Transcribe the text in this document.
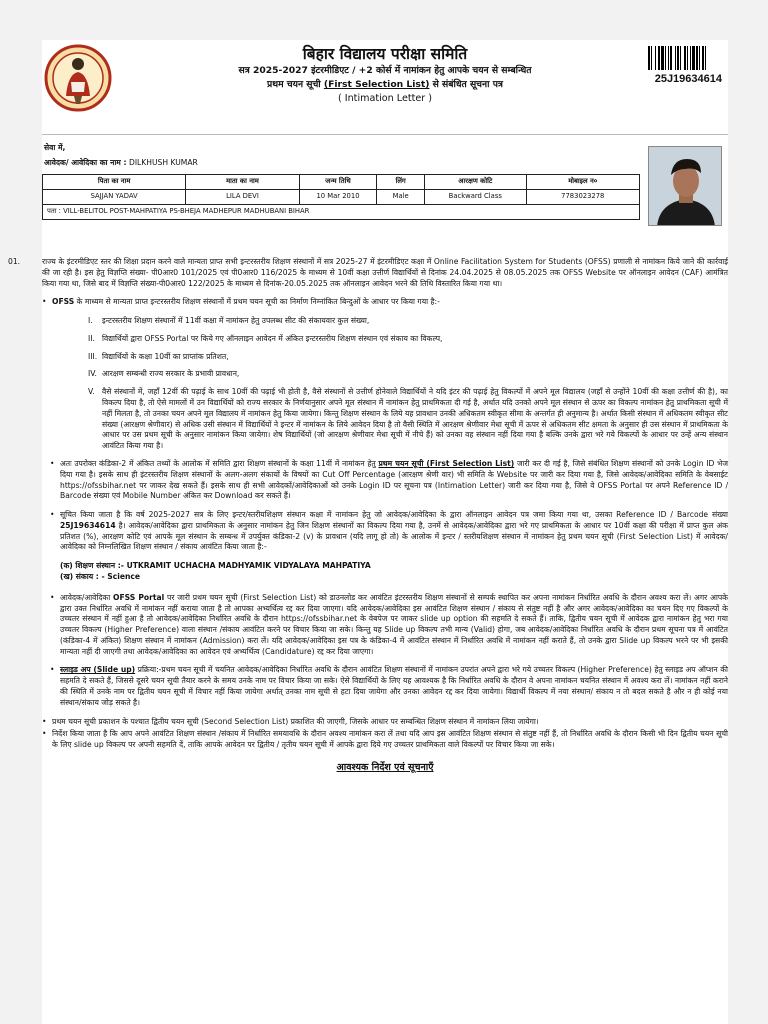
बिहार विद्यालय परीक्षा समिति
सत्र 2025-2027 इंटरमीडिएट / +2 कोर्स में नामांकन हेतु आपके चयन से सम्बन्धित
प्रथम चयन सूची (First Selection List) से संबंधित सूचना पत्र
( Intimation Letter )
25J19634614
सेवा में,
आवेदक/ आवेदिका का नाम : DILKHUSH KUMAR
पिता का नाम	माता का नाम	जन्म तिथि	लिंग	आरक्षण कोटि	मोबाइल न०
SAJJAN YADAV	LILA DEVI	10 Mar 2010	Male	Backward Class	7783023278
पता : VILL-BELITOL POST-MAHPATIYA PS-BHEJA MADHEPUR MADHUBANI BIHAR					
01.	राज्य के इंटरमीडिएट स्तर की शिक्षा प्रदान करने वाले मान्यता प्राप्त सभी इन्टरस्तरीय शिक्षण संस्थानों में सत्र 2025-27 में इंटरमीडिएट कक्षा में Online Facilitation System for Students (OFSS) प्रणाली से नामांकन किये जाने की कार्रवाई की जा रही है। इस हेतु विज्ञप्ति संख्या- पी0आर0 101/2025 एवं पी0आर0 116/2025 के माध्यम से 10वीं कक्षा उत्तीर्ण विद्यार्थियों से दिनांक 24.04.2025 से 08.05.2025 तक OFSS Website पर ऑनलाइन आवेदन (CAF) आमंत्रित किया गया था, जिसे बाद में विज्ञप्ति संख्या-पी0आर0 122/2025 के माध्यम से दिनांक-20.05.2025 तक ऑनलाइन आवेदन भरने की तिथि विस्तारित किया गया था।
• OFSS के माध्यम से मान्यता प्राप्त इन्टरस्तरीय शिक्षण संस्थानों में प्रथम चयन सूची का निर्माण निम्नांकित बिन्दुओं के आधार पर किया गया है:-
I. इन्टरस्तरीय शिक्षण संस्थानों में 11वीं कक्षा में नामांकन हेतु उपलब्ध सीट की संकायवार कुल संख्या,
II. विद्यार्थियों द्वारा OFSS Portal पर किये गए ऑनलाइन आवेदन में अंकित इन्टरस्तरीय शिक्षण संस्थान एवं संकाय का विकल्प,
III. विद्यार्थियों के कक्षा 10वीं का प्राप्तांक प्रतिशत,
IV. आरक्षण सम्बन्धी राज्य सरकार के प्रभावी प्रावधान,
V. वैसे संस्थानों में, जहाँ 12वीं की पढ़ाई के साथ 10वीं की पढ़ाई भी होती है, वैसे संस्थानों से उत्तीर्ण होनेवाले विद्यार्थियों ने यदि इंटर की पढ़ाई हेतु विकल्पों में अपने मूल विद्यालय (जहाँ से उन्होंने 10वीं की कक्षा उत्तीर्ण की है), का विकल्प दिया है, तो ऐसे मामलों में उन विद्यार्थियों को राज्य सरकार के निर्णयानुसार अपने मूल संस्थान में नामांकन हेतु प्राथमिकता दी गई है, अर्थात यदि उनको अपने मूल संस्थान से ऊपर का विकल्प नामांकन हेतु प्राथमिकता सूची में नहीं मिलता है, तो उनका चयन अपने मूल विद्यालय में नामांकन हेतु किया जायेगा। किन्तु शिक्षण संस्थान के लिये यह प्रावधान उनकी अधिकतम स्वीकृत सीमा के अन्तर्गत ही अनुमान्य है। अर्थात किसी संस्थान में अधिकतम स्वीकृत सीट संख्या (आरक्षण श्रेणीवार) से अधिक उसी संस्थान में विद्यार्थियों ने इन्टर में नामांकन के लिये आवेदन दिया है तो वैसी स्थिति में आरक्षण श्रेणीवार मेधा सूची में ऊपर से अधिकतम सीट क्षमता के अनुसार ही उस संस्थान में प्राथमिकता के आधार पर उस प्रथम सूची के अनुसार नामांकन किया जायेगा। शेष विद्यार्थियों (जो आरक्षण श्रेणीवार मेधा सूची में नीचे हैं) को उनका वह संस्थान नहीं दिया गया है बल्कि उनके द्वारा भरे गये विकल्पों के आधार पर उन्हें अन्य संस्थान आवंटित किया गया है।
• अतः उपरोक्त कंडिका-2 में अंकित तथ्यों के आलोक में समिति द्वारा शिक्षण संस्थानों के कक्षा 11वीं में नामांकन हेतु प्रथम चयन सूची (First Selection List) जारी कर दी गई है, जिसे संबंधित शिक्षण संस्थानों को उनके Login ID भेज दिया गया है। इसके साथ ही इंटरस्तरीय शिक्षण संस्थानों के अलग-अलग संकायों के विषयों का Cut Off Percentage (आरक्षण श्रेणी वार) भी समिति के Website पर जारी कर दिया गया है, जिसे आवेदक/आवेदिका समिति के वेबसाईट https://ofssbihar.net पर जाकर देख सकते हैं। इसके साथ ही सभी आवेदकों/आवेदिकाओं को उनके Login ID पर सूचना पत्र (Intimation Letter) जारी कर दिया गया है, जिसे वे OFSS Portal पर अपने Reference ID / Barcode संख्या एवं Mobile Number अंकित कर Download कर सकते हैं।
• सूचित किया जाता है कि वर्ष 2025-2027 सत्र के लिए इन्टर/स्तरीयशिक्षण संस्थान कक्षा में नामांकन हेतु जो आवेदक/आवेदिका के द्वारा ऑनलाइन आवेदन पत्र जमा किया गया था, उसका Reference ID / Barcode संख्या 25J19634614 है। आवेदक/आवेदिका द्वारा प्राथमिकता के अनुसार नामांकन हेतु जिन शिक्षण संस्थानों का विकल्प दिया गया है, उनमें से आवेदक/आवेदिका द्वारा भरे गए प्राथमिकता के आधार पर 10वीं कक्षा की परीक्षा में प्राप्त कुल अंक प्रतिशत (%), आरक्षण कोटि एवं आपके मूल संस्थान के सम्बन्ध में उपर्युक्त कंडिका-2 (v) के प्रावधान (यदि लागू हो तो) के आलोक में इन्टर / स्तरीयशिक्षण संस्थान में नामांकन हेतु प्रथम चयन सूची (First Selection List) में आवेदक/आवेदिका को निम्नलिखित शिक्षण संस्थान / संकाय आवंटित किया जाता है:-
(क) शिक्षण संस्थान :- UTKRAMIT UCHACHA MADHYAMIK VIDYALAYA MAHPATIYA
(ख) संकाय : - Science
• आवेदक/आवेदिका OFSS Portal पर जारी प्रथम चयन सूची (First Selection List) को डाउनलोड कर आवंटित इंटरस्तरीय शिक्षण संस्थानों से सम्पर्क स्थापित कर अपना नामांकन निर्धारित अवधि के दौरान अवश्य करा लें। अगर आपके द्वारा उक्त निर्धारित अवधि में नामांकन नहीं कराया जाता है तो आपका अभ्यर्थित्व रद्द कर दिया जाएगा। यदि आवेदक/आवेदिका इस आवंटित शिक्षण संस्थान / संकाय से संतुष्ट नहीं है और अगर आवेदक/आवेदिका का चयन दिए गए विकल्पों के उच्चतर संस्थान में नहीं हुआ है तो आवेदक/आवेदिका निर्धारित अवधि के दौरान https://ofssbihar.net के वेबपेज पर जाकर slide up option की सहमति दे सकते हैं। ताकि, द्वितीय चयन सूची में आवेदक द्वारा नामांकन हेतु भरा गया उच्चतर विकल्प (Higher Preference) वाला संस्थान /संकाय आवंटित करने पर विचार किया जा सके। किन्तु यह Slide up विकल्प तभी मान्य (Valid) होगा, जब आवेदक/आवेदिका निर्धारित अवधि के दौरान प्रथम सूचना पत्र में आवंटित (कंडिका-4 में अंकित) शिक्षण संस्थान में नामांकन (Admission) करा लें। यदि आवेदक/आवेदिका इस पत्र के कंडिका-4 में आवंटित संस्थान में निर्धारित अवधि में नामांकन नहीं कराते हैं, तो उनके द्वारा Slide up विकल्प भरने पर भी इसकी मान्यता नहीं दी जाएगी तथा आवेदक/आवेदिका का आवेदन एवं अभ्यर्थित्व (Candidature) रद्द कर दिया जाएगा।
• स्लाइड अप (Slide up) प्रक्रिया:-प्रथम चयन सूची में चयनित आवेदक/आवेदिका निर्धारित अवधि के दौरान आवंटित शिक्षण संस्थानों में नामांकन उपरांत अपने द्वारा भरे गये उच्चतर विकल्प (Higher Preference) हेतु स्लाइड अप ऑप्शन की सहमति दे सकते हैं, जिससे दूसरे चयन सूची तैयार करने के समय उनके नाम पर विचार किया जा सके। ऐसे विद्यार्थियों के लिए यह आवश्यक है कि निर्धारित अवधि के दौरान वे अपना नामांकन चयनित संस्थान में अवश्य करा लें। नामांकन नहीं कराने की स्थिति में उनके नाम पर द्वितीय चयन सूची में विचार नहीं किया जायेगा अर्थात् उनका नाम सूची से हटा दिया जायेगा और उनका आवेदन रद्द कर दिया जायेगा। विद्यार्थी विकल्प में नया संस्थान/ संकाय न तो बदल सकते है और न ही कोई नया संस्थान/संकाय जोड़ सकते है।
• प्रथम चयन सूची प्रकाशन के पश्चात द्वितीय चयन सूची (Second Selection List) प्रकाशित की जाएगी, जिसके आधार पर सम्बन्धित शिक्षण संस्थान में नामांकन लिया जायेगा।
• निर्देश किया जाता है कि आप अपने आवंटित शिक्षण संस्थान /संकाय में निर्धारित समयावधि के दौरान अवश्य नामांकन करा लें तथा यदि आप इस आवंटित शिक्षण संस्थान से संतुष्ट नहीं हैं, तो निर्धारित अवधि के दौरान किसी भी दिन द्वितीय चयन सूची के लिए slide up विकल्प पर अपनी सहमति दें, ताकि आपके आवेदन पर द्वितीय / तृतीय चयन सूची में आपके द्वारा दिये गए उच्चतर प्राथमिकता वाले विकल्पों पर विचार किया जा सके।
आवश्यक निर्देश एवं सूचनाएँ
